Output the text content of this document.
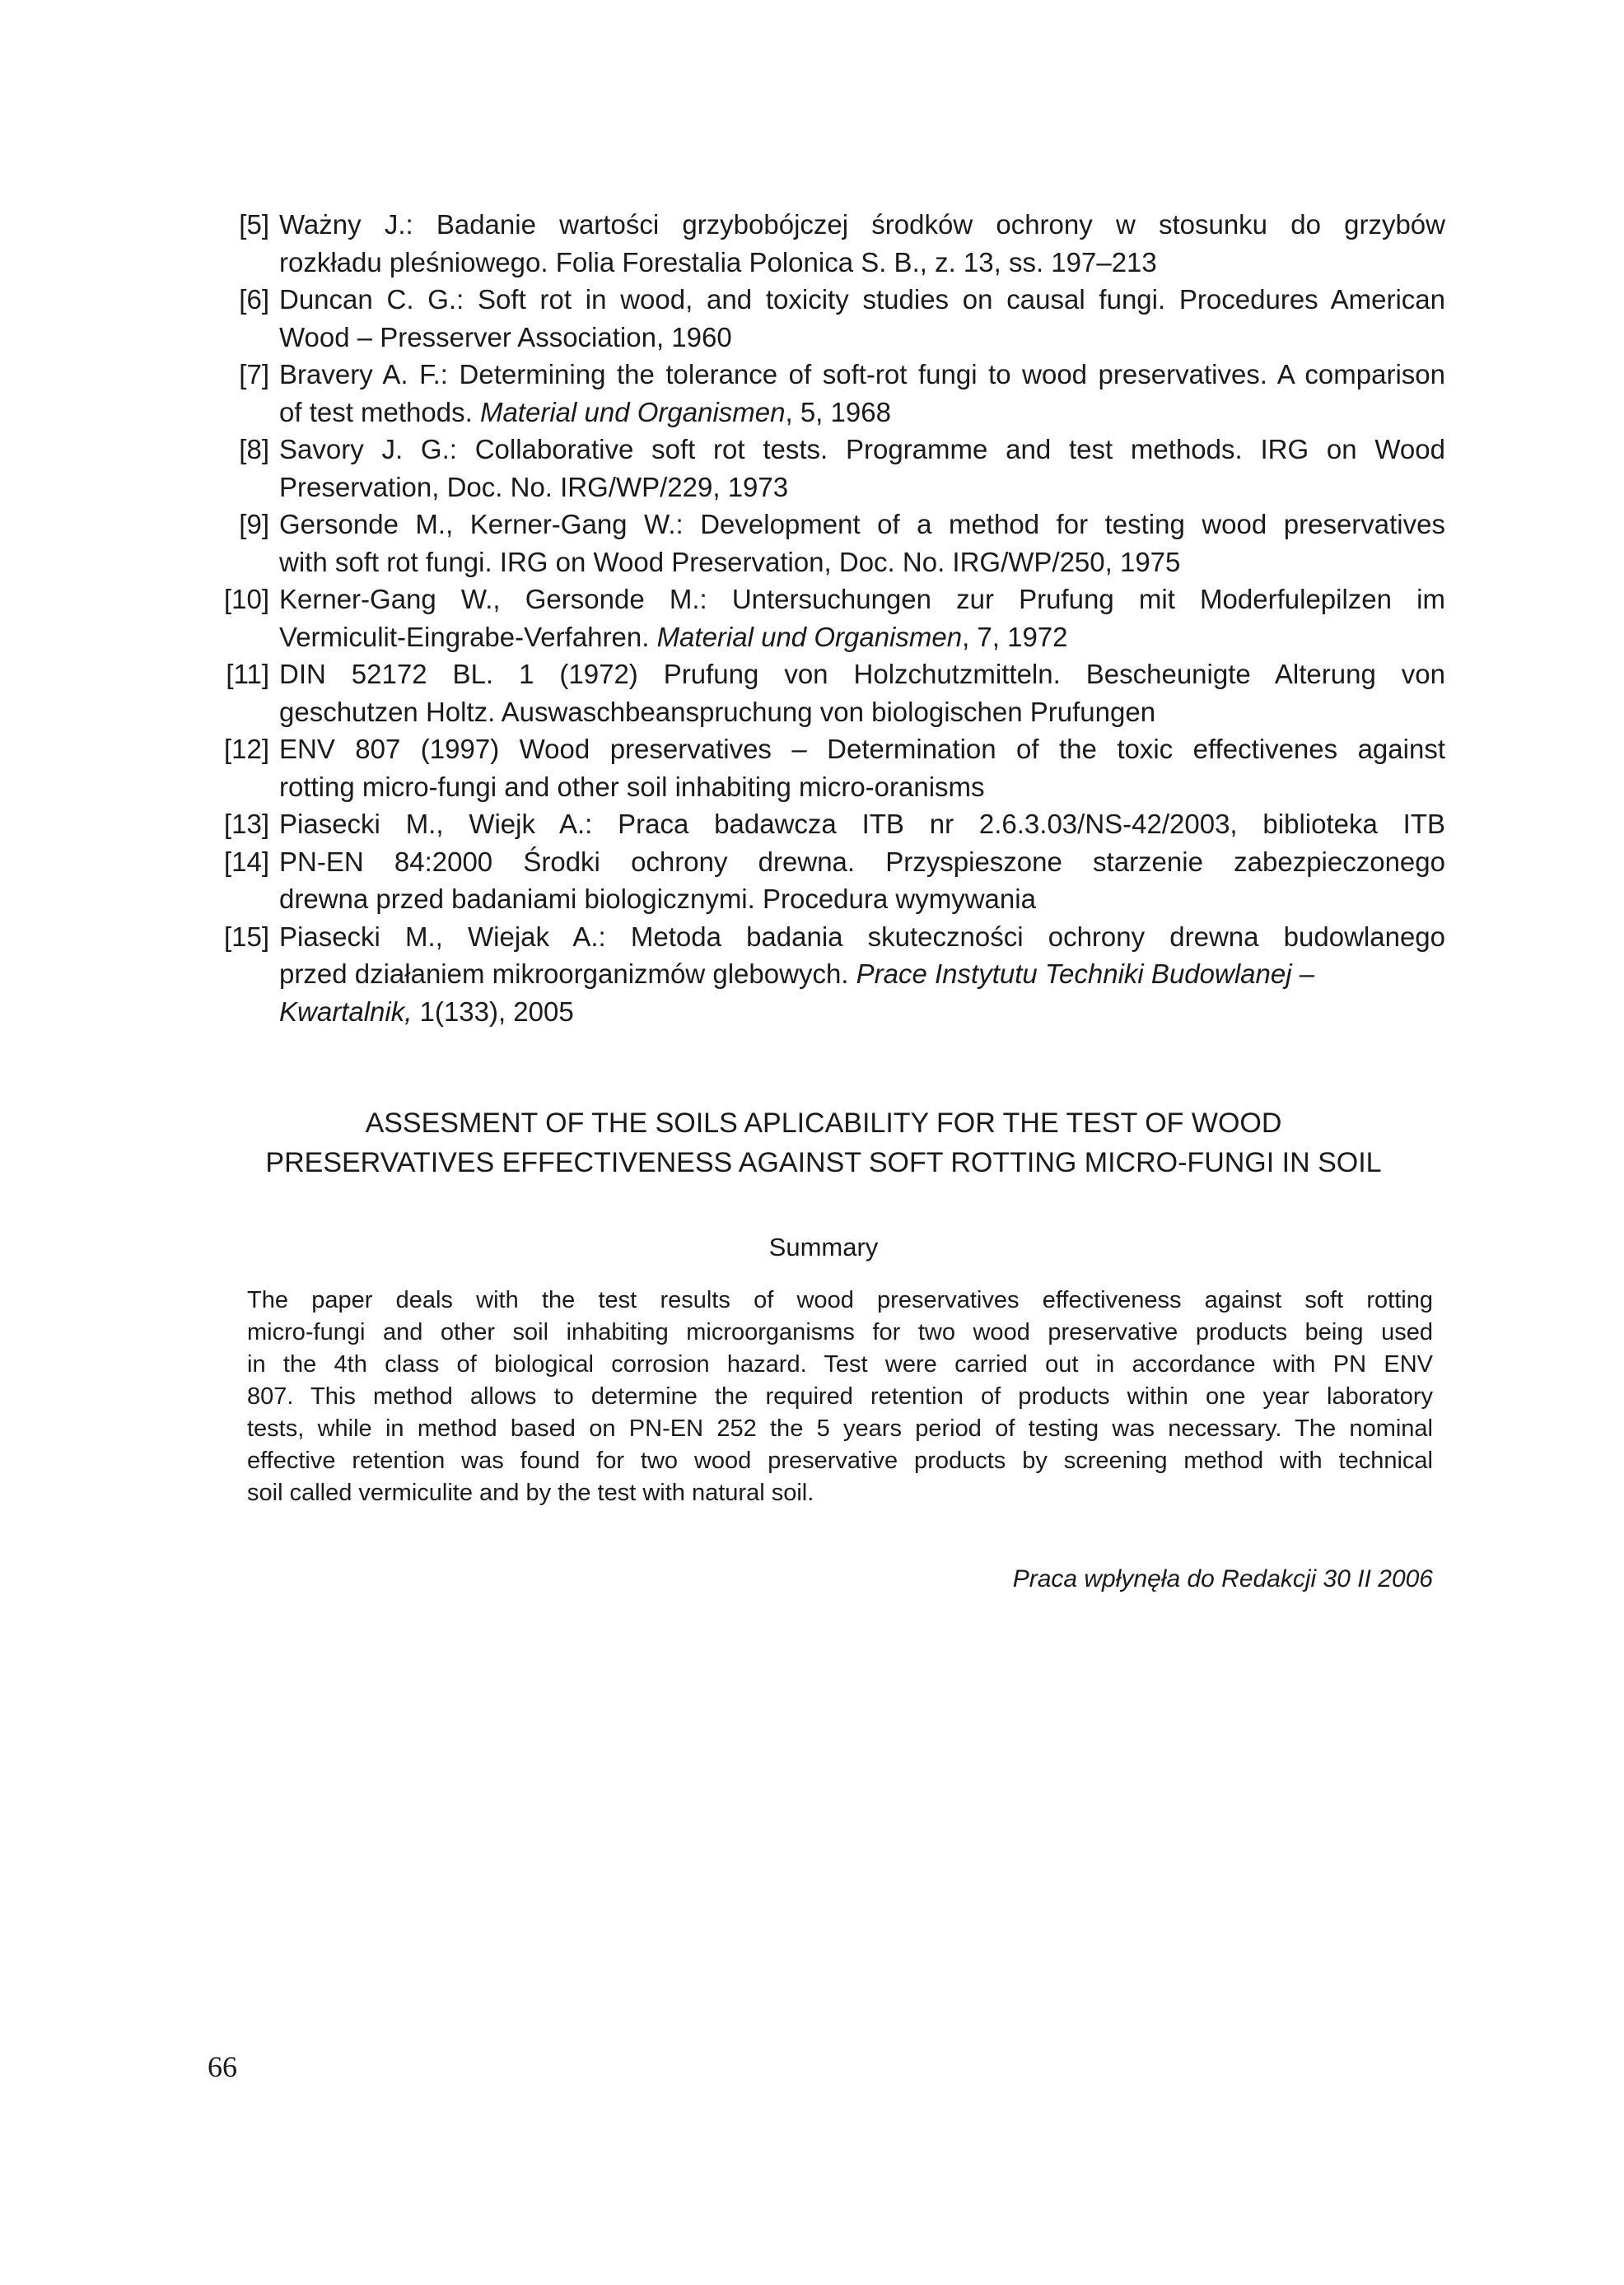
[5] Ważny J.: Badanie wartości grzybobójczej środków ochrony w stosunku do grzybów
rozkładu pleśniowego. Folia Forestalia Polonica S. B., z. 13, ss. 197–213
[6] Duncan C. G.: Soft rot in wood, and toxicity studies on causal fungi. Procedures American
Wood – Presserver Association, 1960
[7] Bravery A. F.: Determining the tolerance of soft-rot fungi to wood preservatives. A comparison
of test methods. Material und Organismen, 5, 1968
[8] Savory J. G.: Collaborative soft rot tests. Programme and test methods. IRG on Wood
Preservation, Doc. No. IRG/WP/229, 1973
[9] Gersonde M., Kerner-Gang W.: Development of a method for testing wood preservatives
with soft rot fungi. IRG on Wood Preservation, Doc. No. IRG/WP/250, 1975
[10] Kerner-Gang W., Gersonde M.: Untersuchungen zur Prufung mit Moderfulepilzen im
Vermiculit-Eingrabe-Verfahren. Material und Organismen, 7, 1972
[11] DIN 52172 BL. 1 (1972) Prufung von Holzchutzmitteln. Bescheunigte Alterung von
geschutzen Holtz. Auswaschbeanspruchung von biologischen Prufungen
[12] ENV 807 (1997) Wood preservatives – Determination of the toxic effectivenes against
rotting micro-fungi and other soil inhabiting micro-oranisms
[13] Piasecki M., Wiejk A.: Praca badawcza ITB nr 2.6.3.03/NS-42/2003, biblioteka ITB
[14] PN-EN 84:2000 Środki ochrony drewna. Przyspieszone starzenie zabezpieczonego
drewna przed badaniami biologicznymi. Procedura wymywania
[15] Piasecki M., Wiejak A.: Metoda badania skuteczności ochrony drewna budowlanego
przed działaniem mikroorganizmów glebowych. Prace Instytutu Techniki Budowlanej –
Kwartalnik, 1(133), 2005
ASSESMENT OF THE SOILS APLICABILITY FOR THE TEST OF WOOD
PRESERVATIVES EFFECTIVENESS AGAINST SOFT ROTTING MICRO-FUNGI IN SOIL
Summary
The paper deals with the test results of wood preservatives effectiveness against soft rotting
micro-fungi and other soil inhabiting microorganisms for two wood preservative products being used
in the 4th class of biological corrosion hazard. Test were carried out in accordance with PN ENV
807. This method allows to determine the required retention of products within one year laboratory
tests, while in method based on PN-EN 252 the 5 years period of testing was necessary. The nominal
effective retention was found for two wood preservative products by screening method with technical
soil called vermiculite and by the test with natural soil.
Praca wpłynęła do Redakcji 30 II 2006
66
